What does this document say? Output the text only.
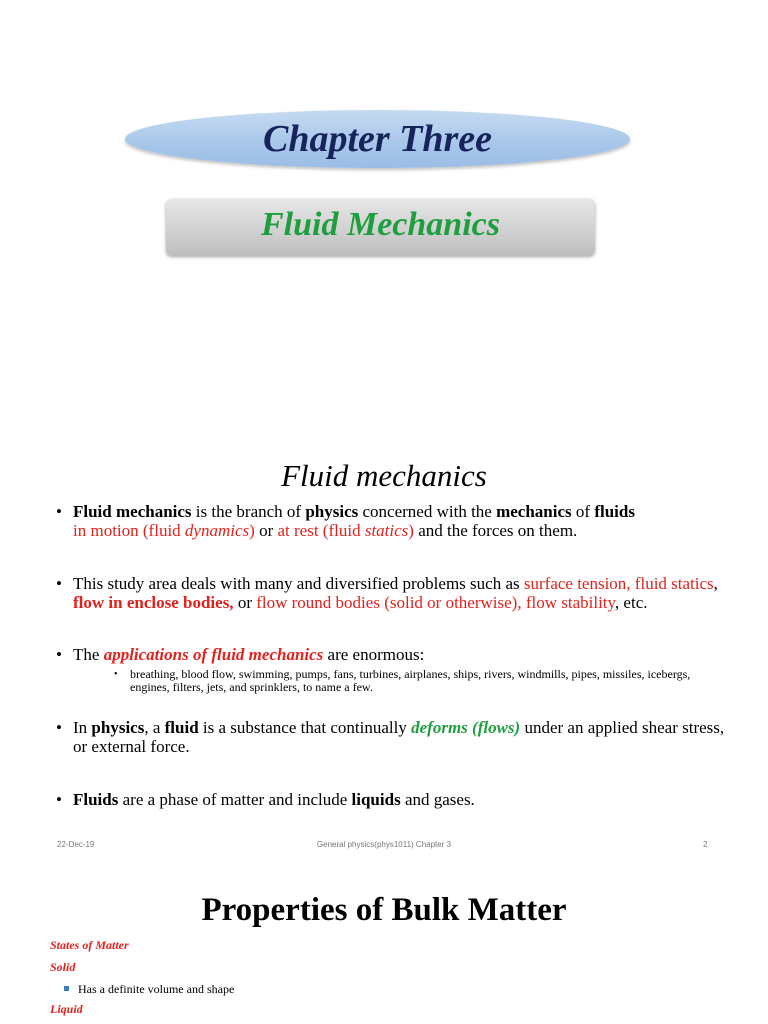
Chapter Three
Fluid Mechanics
Fluid mechanics
• Fluid mechanics is the branch of physics concerned with the mechanics of fluids
in motion (fluid dynamics) or at rest (fluid statics) and the forces on them.
• This study area deals with many and diversified problems such as surface tension, fluid statics, flow in enclose bodies, or flow round bodies (solid or otherwise), flow stability, etc.
• The applications of fluid mechanics are enormous:
• breathing, blood flow, swimming, pumps, fans, turbines, airplanes, ships, rivers, windmills, pipes, missiles, icebergs, engines, filters, jets, and sprinklers, to name a few.
• In physics, a fluid is a substance that continually deforms (flows) under an applied shear stress, or external force.
• Fluids are a phase of matter and include liquids and gases.
22-Dec-19	General physics(phys1011) Chapter 3	2
Properties of Bulk Matter
States of Matter
Solid
Has a definite volume and shape
Liquid
